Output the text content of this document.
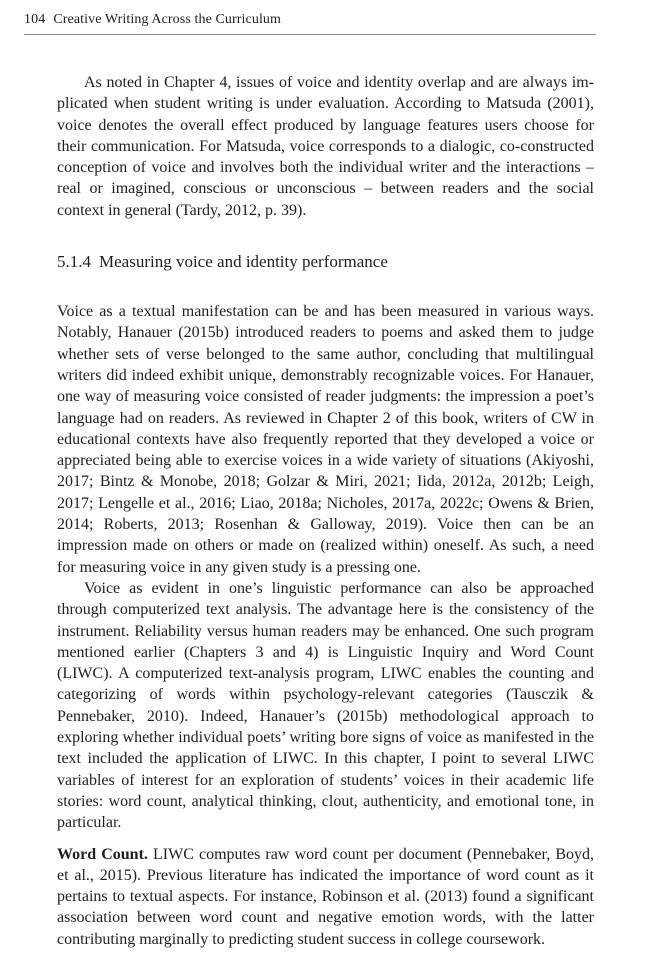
104 Creative Writing Across the Curriculum

As noted in Chapter 4, issues of voice and identity overlap and are always implicated when student writing is under evaluation. According to Matsuda (2001), voice denotes the overall effect produced by language features users choose for their communication. For Matsuda, voice corresponds to a dialogic, co-constructed conception of voice and involves both the individual writer and the interactions – real or imagined, conscious or unconscious – between readers and the social context in general (Tardy, 2012, p. 39).

5.1.4 Measuring voice and identity performance

Voice as a textual manifestation can be and has been measured in various ways. Notably, Hanauer (2015b) introduced readers to poems and asked them to judge whether sets of verse belonged to the same author, concluding that multilingual writers did indeed exhibit unique, demonstrably recognizable voices. For Hanauer, one way of measuring voice consisted of reader judgments: the impression a poet’s language had on readers. As reviewed in Chapter 2 of this book, writers of CW in educational contexts have also frequently reported that they developed a voice or appreciated being able to exercise voices in a wide variety of situations (Akiyoshi, 2017; Bintz & Monobe, 2018; Golzar & Miri, 2021; Iida, 2012a, 2012b; Leigh, 2017; Lengelle et al., 2016; Liao, 2018a; Nicholes, 2017a, 2022c; Owens & Brien, 2014; Roberts, 2013; Rosenhan & Galloway, 2019). Voice then can be an impression made on others or made on (realized within) oneself. As such, a need for measuring voice in any given study is a pressing one.

Voice as evident in one’s linguistic performance can also be approached through computerized text analysis. The advantage here is the consistency of the instrument. Reliability versus human readers may be enhanced. One such program mentioned earlier (Chapters 3 and 4) is Linguistic Inquiry and Word Count (LIWC). A computerized text-analysis program, LIWC enables the counting and categorizing of words within psychology-relevant categories (Tausczik & Pennebaker, 2010). Indeed, Hanauer’s (2015b) methodological approach to exploring whether individual poets’ writing bore signs of voice as manifested in the text included the application of LIWC. In this chapter, I point to several LIWC variables of interest for an exploration of students’ voices in their academic life stories: word count, analytical thinking, clout, authenticity, and emotional tone, in particular.

Word Count. LIWC computes raw word count per document (Pennebaker, Boyd, et al., 2015). Previous literature has indicated the importance of word count as it pertains to textual aspects. For instance, Robinson et al. (2013) found a significant association between word count and negative emotion words, with the latter contributing marginally to predicting student success in college coursework.
